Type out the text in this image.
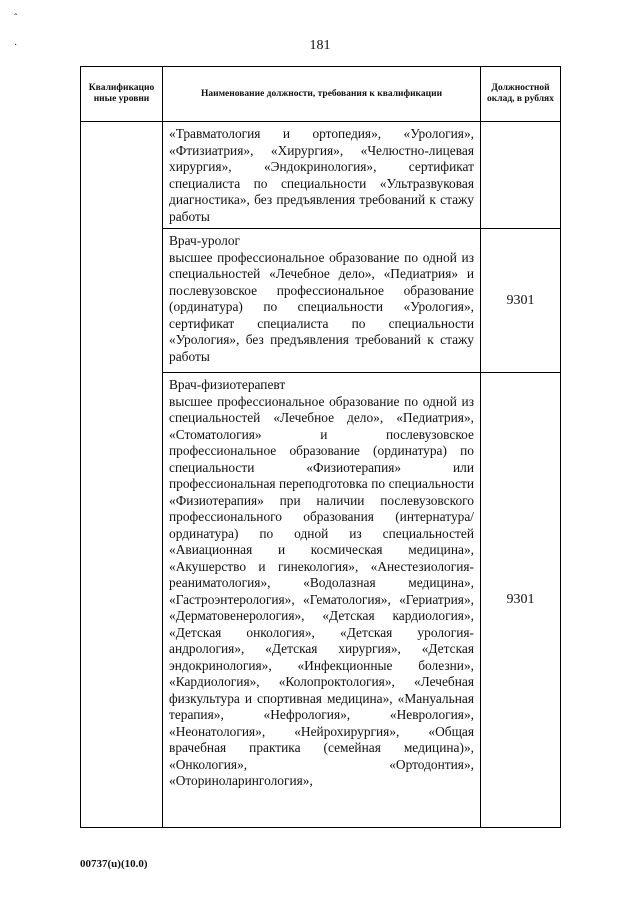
ˆ
·	181
Квалификацио нные уровни	Наименование должности, требования к квалификации	Должностной оклад, в рублях

	«Травматология и ортопедия», «Урология», «Фтизиатрия», «Хирургия», «Челюстно-лицевая хирургия», «Эндокринология», сертификат специалиста по специальности «Ультразвуковая диагностика», без предъявления требований к стажу работы	

	Врач-уролог
высшее профессиональное образование по одной из специальностей «Лечебное дело», «Педиатрия» и послевузовское профессиональное образование (ординатура) по специальности «Урология», сертификат специалиста по специальности «Урология», без предъявления требований к стажу работы	9301

	Врач-физиотерапевт
высшее профессиональное образование по одной из специальностей «Лечебное дело», «Педиатрия», «Стоматология» и послевузовское профессиональное образование (ординатура) по специальности «Физиотерапия» или профессиональная переподготовка по специальности «Физиотерапия» при наличии послевузовского профессионального образования (интернатура/ординатура) по одной из специальностей «Авиационная и космическая медицина», «Акушерство и гинекология», «Анестезиология-реаниматология», «Водолазная медицина», «Гастроэнтерология», «Гематология», «Гериатрия», «Дерматовенерология», «Детская кардиология», «Детская онкология», «Детская урология-андрология», «Детская хирургия», «Детская эндокринология», «Инфекционные болезни», «Кардиология», «Колопроктология», «Лечебная физкультура и спортивная медицина», «Мануальная терапия», «Нефрология», «Неврология», «Неонатология», «Нейрохирургия», «Общая врачебная практика (семейная медицина)», «Онкология», «Ортодонтия», «Оториноларингология»,	9301
00737(u)(10.0)
